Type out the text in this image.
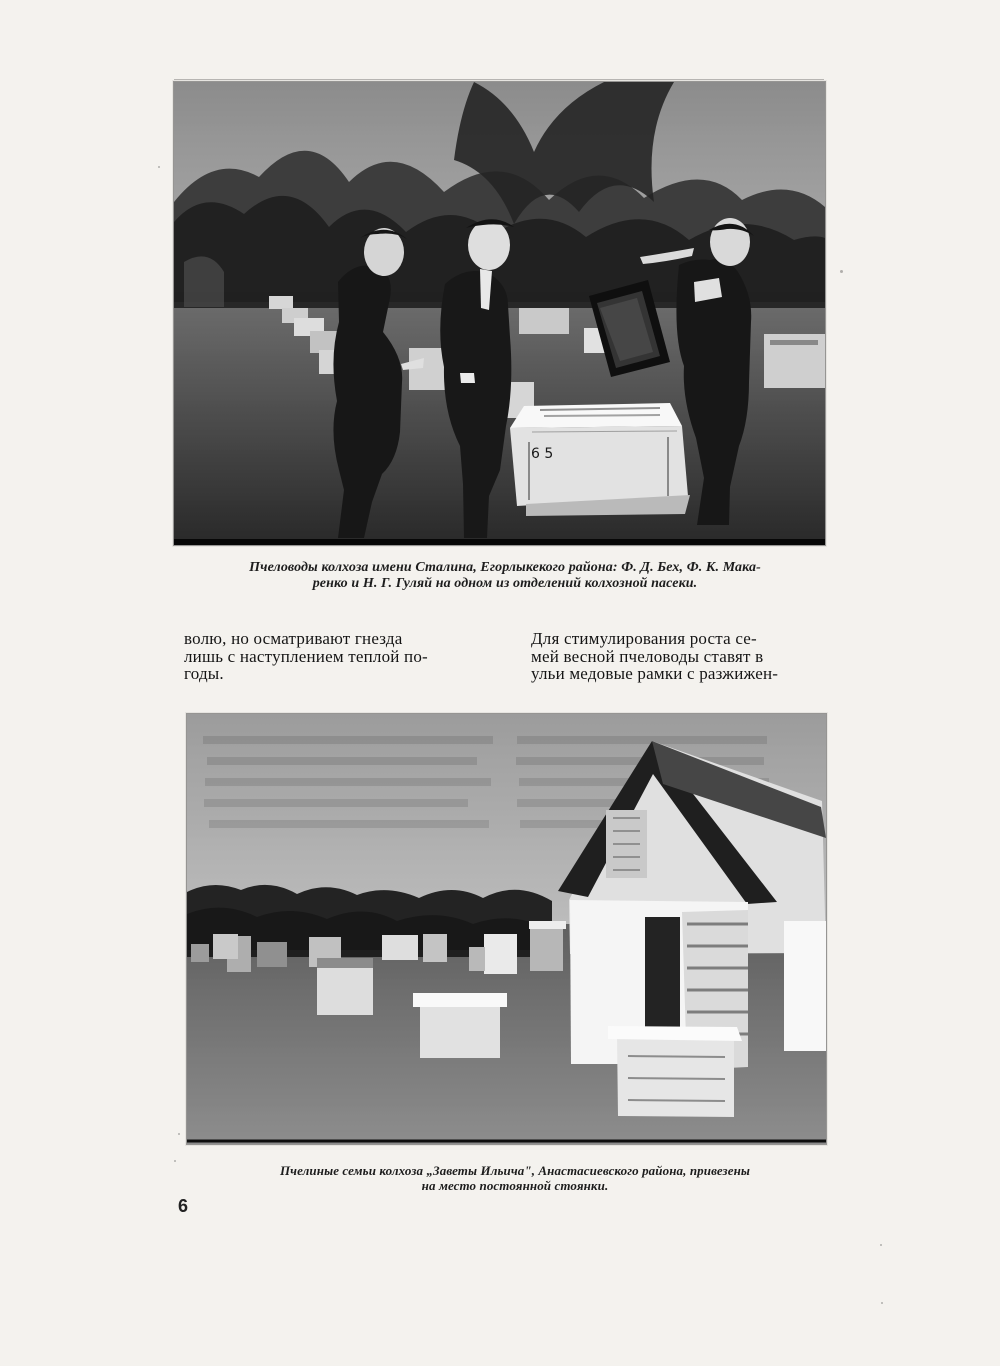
6 5
Пчеловоды колхоза имени Сталина, Егорлыкекого района: Ф. Д. Бех, Ф. К. Мака-
ренко и Н. Г. Гуляй на одном из отделений колхозной пасеки.
волю, но осматривают гнезда
лишь с наступлением теплой по-
годы.
Для стимулирования роста се-
мей весной пчеловоды ставят в
ульи медовые рамки с разжижен-
Пчелиные семьи колхоза „Заветы Ильича", Анастасиевского района, привезены
на место постоянной стоянки.
6
